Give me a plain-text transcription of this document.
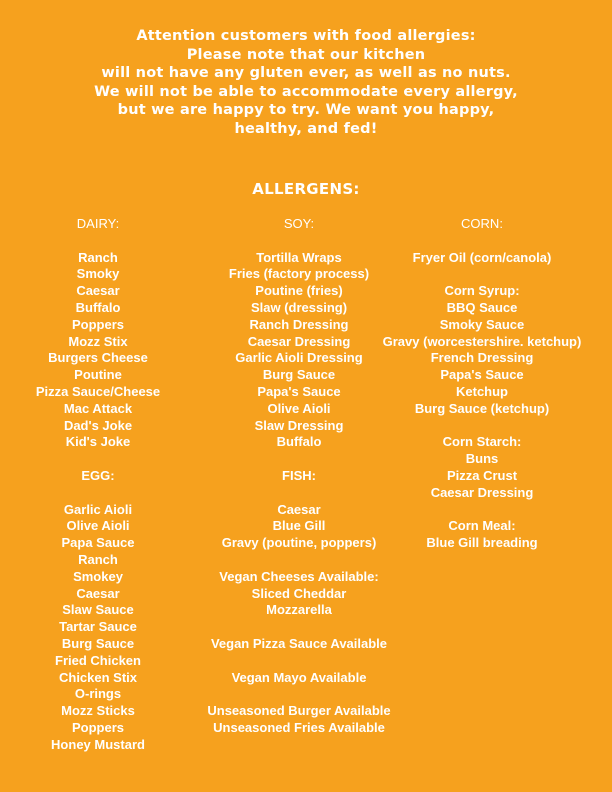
Attention customers with food allergies:
Please note that our kitchen
will not have any gluten ever, as well as no nuts.
We will not be able to accommodate every allergy,
but we are happy to try. We want you happy,
healthy, and fed!
ALLERGENS:
DAIRY:
Ranch
Smoky
Caesar
Buffalo
Poppers
Mozz Stix
Burgers Cheese
Poutine
Pizza Sauce/Cheese
Mac Attack
Dad's Joke
Kid's Joke
EGG:
Garlic Aioli
Olive Aioli
Papa Sauce
Ranch
Smokey
Caesar
Slaw Sauce
Tartar Sauce
Burg Sauce
Fried Chicken
Chicken Stix
O-rings
Mozz Sticks
Poppers
Honey Mustard
SOY:
Tortilla Wraps
Fries (factory process)
Poutine (fries)
Slaw (dressing)
Ranch Dressing
Caesar Dressing
Garlic Aioli Dressing
Burg Sauce
Papa's Sauce
Olive Aioli
Slaw Dressing
Buffalo
FISH:
Caesar
Blue Gill
Gravy (poutine, poppers)
Vegan Cheeses Available:
Sliced Cheddar
Mozzarella
Vegan Pizza Sauce Available
Vegan Mayo Available
Unseasoned Burger Available
Unseasoned Fries Available
CORN:
Fryer Oil (corn/canola)
Corn Syrup:
BBQ Sauce
Smoky Sauce
Gravy (worcestershire. ketchup)
French Dressing
Papa's Sauce
Ketchup
Burg Sauce (ketchup)
Corn Starch:
Buns
Pizza Crust
Caesar Dressing
Corn Meal:
Blue Gill breading
